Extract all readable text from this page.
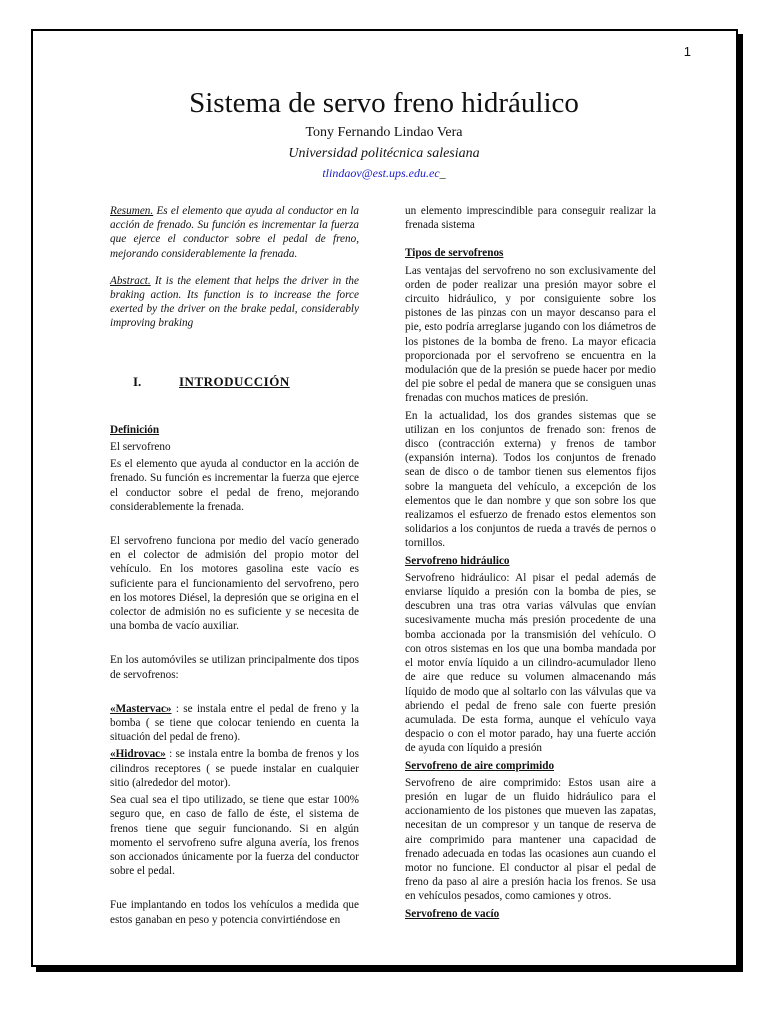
1
Sistema de servo freno hidráulico
Tony Fernando Lindao Vera
Universidad politécnica salesiana
tlindaov@est.ups.edu.ec_

Resumen. Es el elemento que ayuda al conductor en la acción de frenado. Su función es incrementar la fuerza que ejerce el conductor sobre el pedal de freno, mejorando considerablemente la frenada.

Abstract. It is the element that helps the driver in the braking action. Its function is to increase the force exerted by the driver on the brake pedal, considerably improving braking

I.	INTRODUCCIÓN

Definición

El servofreno

Es el elemento que ayuda al conductor en la acción de frenado. Su función es incrementar la fuerza que ejerce el conductor sobre el pedal de freno, mejorando considerablemente la frenada.

El servofreno funciona por medio del vacío generado en el colector de admisión del propio motor del vehículo. En los motores gasolina este vacío es suficiente para el funcionamiento del servofreno, pero en los motores Diésel, la depresión que se origina en el colector de admisión no es suficiente y se necesita de una bomba de vacío auxiliar.

En los automóviles se utilizan principalmente dos tipos de servofrenos:

«Mastervac» : se instala entre el pedal de freno y la bomba ( se tiene que colocar teniendo en cuenta la situación del pedal de freno).

«Hidrovac» : se instala entre la bomba de frenos y los cilindros receptores ( se puede instalar en cualquier sitio (alrededor del motor).

Sea cual sea el tipo utilizado, se tiene que estar 100% seguro que, en caso de fallo de éste, el sistema de frenos tiene que seguir funcionando. Si en algún momento el servofreno sufre alguna avería, los frenos son accionados únicamente por la fuerza del conductor sobre el pedal.

Fue implantando en todos los vehículos a medida que estos ganaban en peso y potencia convirtiéndose en

un elemento imprescindible para conseguir realizar la frenada sistema

Tipos de servofrenos

Las ventajas del servofreno no son exclusivamente del orden de poder realizar una presión mayor sobre el circuito hidráulico, y por consiguiente sobre los pistones de las pinzas con un mayor descanso para el pie, esto podría arreglarse jugando con los diámetros de los pistones de la bomba de freno. La mayor eficacia proporcionada por el servofreno se encuentra en la modulación que de la presión se puede hacer por medio del pie sobre el pedal de manera que se consiguen unas frenadas con muchos matices de presión.

En la actualidad, los dos grandes sistemas que se utilizan en los conjuntos de frenado son: frenos de disco (contracción externa) y frenos de tambor (expansión interna). Todos los conjuntos de frenado sean de disco o de tambor tienen sus elementos fijos sobre la mangueta del vehículo, a excepción de los elementos que le dan nombre y que son sobre los que realizamos el esfuerzo de frenado estos elementos son solidarios a los conjuntos de rueda a través de pernos o tornillos.

Servofreno hidráulico

Servofreno hidráulico: Al pisar el pedal además de enviarse líquido a presión con la bomba de pies, se descubren una tras otra varias válvulas que envían sucesivamente mucha más presión procedente de una bomba accionada por la transmisión del vehículo. O con otros sistemas en los que una bomba mandada por el motor envía líquido a un cilindro-acumulador lleno de aire que reduce su volumen almacenando más líquido de modo que al soltarlo con las válvulas que va abriendo el pedal de freno sale con fuerte presión acumulada. De esta forma, aunque el vehículo vaya despacio o con el motor parado, hay una fuerte acción de ayuda con líquido a presión

Servofreno de aire comprimido

Servofreno de aire comprimido: Estos usan aire a presión en lugar de un fluido hidráulico para el accionamiento de los pistones que mueven las zapatas, necesitan de un compresor y un tanque de reserva de aire comprimido para mantener una capacidad de frenado adecuada en todas las ocasiones aun cuando el motor no funcione. El conductor al pisar el pedal de freno da paso al aire a presión hacia los frenos. Se usa en vehículos pesados, como camiones y otros.

Servofreno de vacío
